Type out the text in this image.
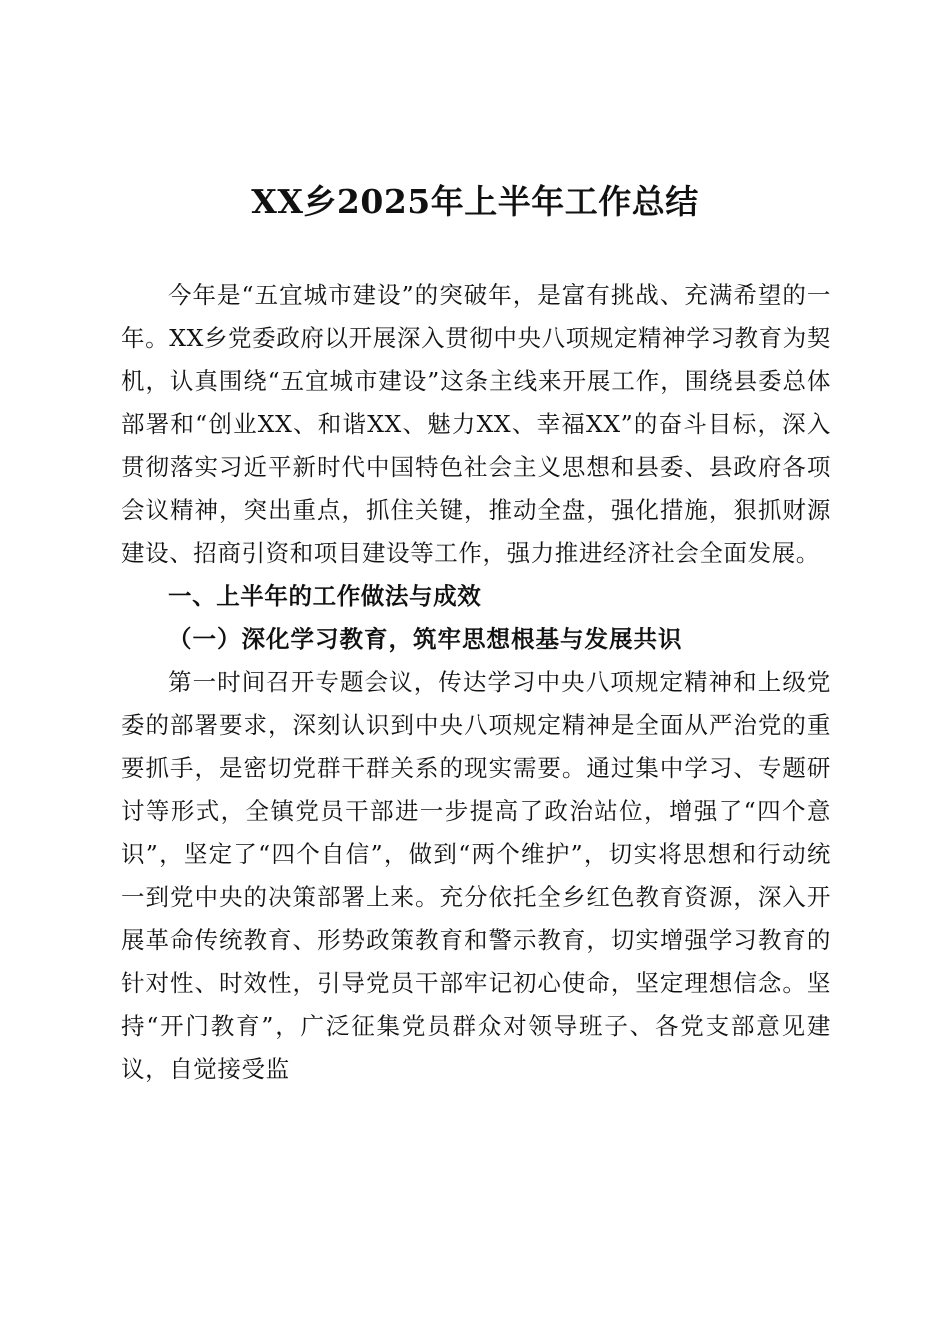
XX乡2025年上半年工作总结

今年是“五宜城市建设”的突破年，是富有挑战、充满希望的一年。XX乡党委政府以开展深入贯彻中央八项规定精神学习教育为契机，认真围绕“五宜城市建设”这条主线来开展工作，围绕县委总体部署和“创业XX、和谐XX、魅力XX、幸福XX”的奋斗目标，深入贯彻落实习近平新时代中国特色社会主义思想和县委、县政府各项会议精神，突出重点，抓住关键，推动全盘，强化措施，狠抓财源建设、招商引资和项目建设等工作，强力推进经济社会全面发展。

一、上半年的工作做法与成效

（一）深化学习教育，筑牢思想根基与发展共识

第一时间召开专题会议，传达学习中央八项规定精神和上级党委的部署要求，深刻认识到中央八项规定精神是全面从严治党的重要抓手，是密切党群干群关系的现实需要。通过集中学习、专题研讨等形式，全镇党员干部进一步提高了政治站位，增强了“四个意识”，坚定了“四个自信”，做到“两个维护”，切实将思想和行动统一到党中央的决策部署上来。充分依托全乡红色教育资源，深入开展革命传统教育、形势政策教育和警示教育，切实增强学习教育的针对性、时效性，引导党员干部牢记初心使命，坚定理想信念。坚持“开门教育”，广泛征集党员群众对领导班子、各党支部意见建议，自觉接受监
